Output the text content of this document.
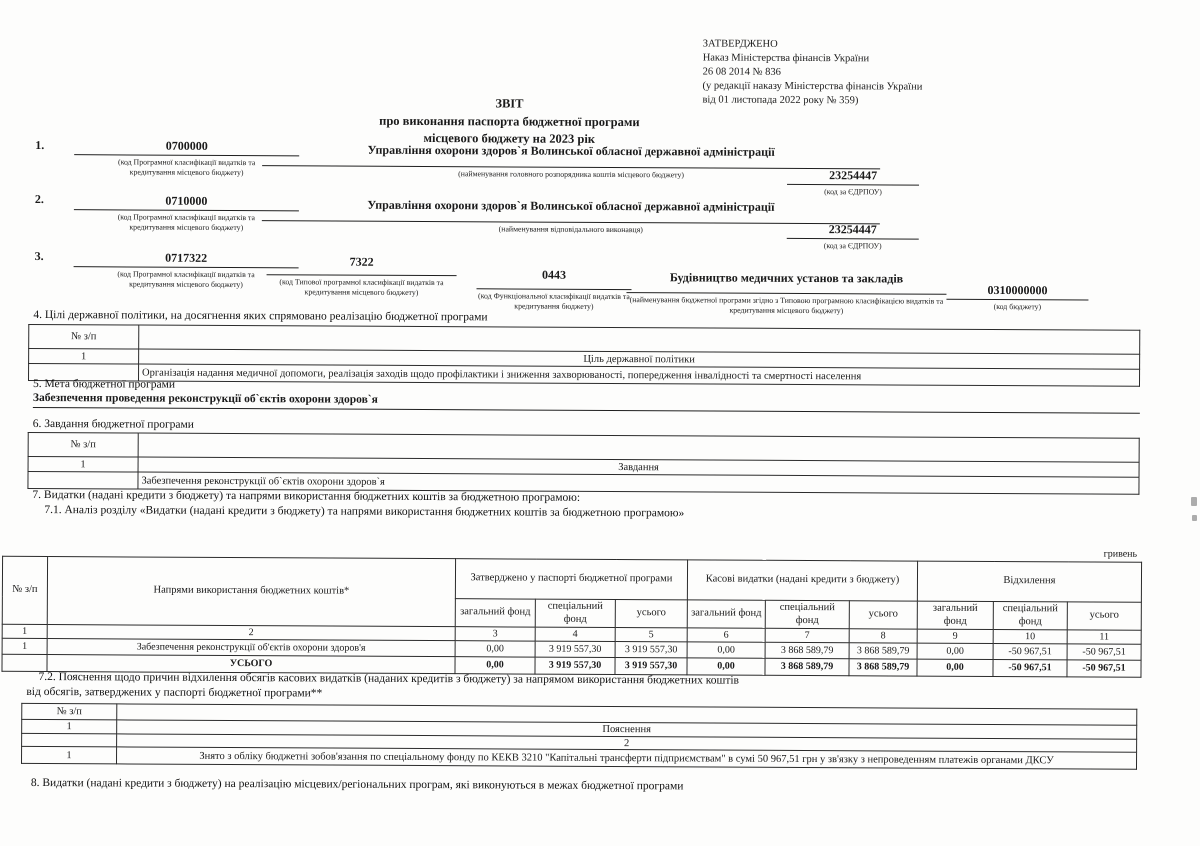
ЗАТВЕРДЖЕНО
Наказ Міністерства фінансів України
26 08 2014 № 836
(у редакції наказу Міністерства фінансів України
від 01 листопада 2022 року № 359)
ЗВІТ
про виконання паспорта бюджетної програми
місцевого бюджету на 2023 рік
1.	0700000
(код Програмної класифікації видатків та кредитування місцевого бюджету)
Управління охорони здоров`я Волинської обласної державної адміністрації
(найменування головного розпорядника коштів місцевого бюджету)	23254447
(код за ЄДРПОУ)
2.	0710000
(код Програмної класифікації видатків та кредитування місцевого бюджету)
Управління охорони здоров`я Волинської обласної державної адміністрації
(найменування відповідального виконавця)	23254447
(код за ЄДРПОУ)
3.	0717322
(код Програмної класифікації видатків та кредитування місцевого бюджету)
7322
(код Типової програмної класифікації видатків та кредитування місцевого бюджету)
0443
(код Функціональної класифікації видатків та кредитування бюджету)
Будівництво медичних установ та закладів
(найменування бюджетної програми згідно з Типовою програмною класифікацією видатків та кредитування місцевого бюджету)
0310000000
(код бюджету)
4. Цілі державної політики, на досягнення яких спрямовано реалізацію бюджетної програми
№ з/п	
1	Ціль державної політики
	Організація надання медичної допомоги, реалізація заходів щодо профілактики і зниження захворюваності, попередження інвалідності та смертності населення
5. Мета бюджетної програми
Забезпечення проведення реконструкції об`єктів охорони здоров`я
6. Завдання бюджетної програми
№ з/п	
1	Завдання
	Забезпечення реконструкції об`єктів охорони здоров`я
7. Видатки (надані кредити з бюджету) та напрями використання бюджетних коштів за бюджетною програмою:
7.1. Аналіз розділу «Видатки (надані кредити з бюджету) та напрями використання бюджетних коштів за бюджетною програмою»
гривень
№ з/п	Напрями використання бюджетних коштів*	Затверджено у паспорті бюджетної програми			Касові видатки (надані кредити з бюджету)			Відхилення		
		загальний фонд	спеціальний фонд	усього	загальний фонд	спеціальний фонд	усього	загальний фонд	спеціальний фонд	усього
1	2	3	4	5	6	7	8	9	10	11
1	Забезпечення реконструкції об'єктів охорони здоров'я	0,00	3 919 557,30	3 919 557,30	0,00	3 868 589,79	3 868 589,79	0,00	-50 967,51	-50 967,51
	УСЬОГО	0,00	3 919 557,30	3 919 557,30	0,00	3 868 589,79	3 868 589,79	0,00	-50 967,51	-50 967,51
7.2. Пояснення щодо причин відхилення обсягів касових видатків (наданих кредитів з бюджету) за напрямом використання бюджетних коштів
від обсягів, затверджених у паспорті бюджетної програми**
№ з/п	
1	Пояснення
	2
1	Знято з обліку бюджетні зобов'язання по спеціальному фонду по КЕКВ 3210 "Капітальні трансферти підприємствам" в сумі 50 967,51 грн у зв'язку з непроведенням платежів органами ДКСУ
8. Видатки (надані кредити з бюджету) на реалізацію місцевих/регіональних програм, які виконуються в межах бюджетної програми
